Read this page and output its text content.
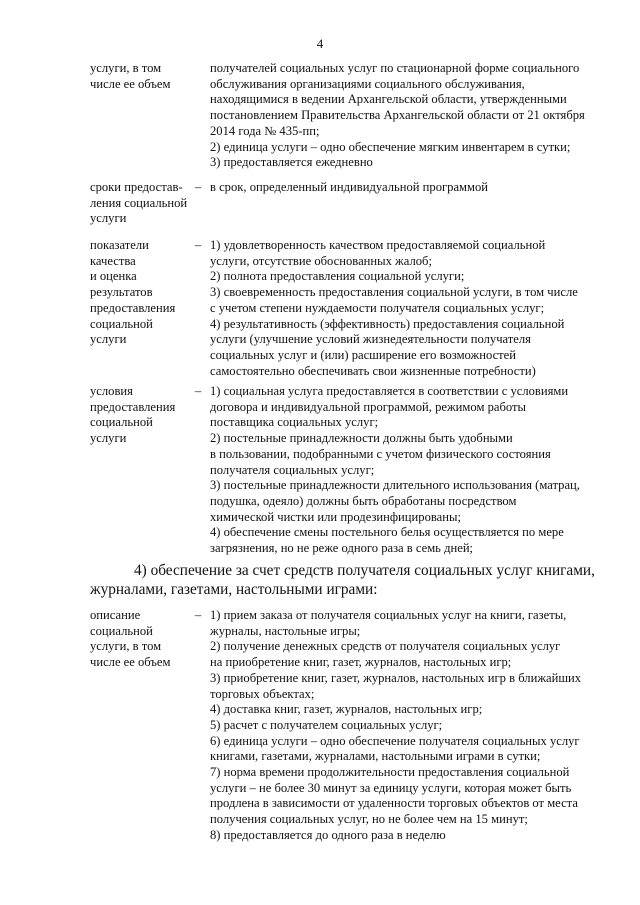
4
услуги, в том
числе ее объем
получателей социальных услуг по стационарной форме социального
обслуживания организациями социального обслуживания,
находящимися в ведении Архангельской области, утвержденными
постановлением Правительства Архангельской области от 21 октября
2014 года № 435-пп;
2) единица услуги – одно обеспечение мягким инвентарем в сутки;
3) предоставляется ежедневно
сроки предостав-
ления социальной
услуги
– в срок, определенный индивидуальной программой
показатели
качества
и оценка
результатов
предоставления
социальной
услуги
– 1) удовлетворенность качеством предоставляемой социальной
услуги, отсутствие обоснованных жалоб;
2) полнота предоставления социальной услуги;
3) своевременность предоставления социальной услуги, в том числе
с учетом степени нуждаемости получателя социальных услуг;
4) результативность (эффективность) предоставления социальной
услуги (улучшение условий жизнедеятельности получателя
социальных услуг и (или) расширение его возможностей
самостоятельно обеспечивать свои жизненные потребности)
условия
предоставления
социальной
услуги
– 1) социальная услуга предоставляется в соответствии с условиями
договора и индивидуальной программой, режимом работы
поставщика социальных услуг;
2) постельные принадлежности должны быть удобными
в пользовании, подобранными с учетом физического состояния
получателя социальных услуг;
3) постельные принадлежности длительного использования (матрац,
подушка, одеяло) должны быть обработаны посредством
химической чистки или продезинфицированы;
4) обеспечение смены постельного белья осуществляется по мере
загрязнения, но не реже одного раза в семь дней;
4) обеспечение за счет средств получателя социальных услуг книгами,
журналами, газетами, настольными играми:
описание
социальной
услуги, в том
числе ее объем
– 1) прием заказа от получателя социальных услуг на книги, газеты,
журналы, настольные игры;
2) получение денежных средств от получателя социальных услуг
на приобретение книг, газет, журналов, настольных игр;
3) приобретение книг, газет, журналов, настольных игр в ближайших
торговых объектах;
4) доставка книг, газет, журналов, настольных игр;
5) расчет с получателем социальных услуг;
6) единица услуги – одно обеспечение получателя социальных услуг
книгами, газетами, журналами, настольными играми в сутки;
7) норма времени продолжительности предоставления социальной
услуги – не более 30 минут за единицу услуги, которая может быть
продлена в зависимости от удаленности торговых объектов от места
получения социальных услуг, но не более чем на 15 минут;
8) предоставляется до одного раза в неделю
